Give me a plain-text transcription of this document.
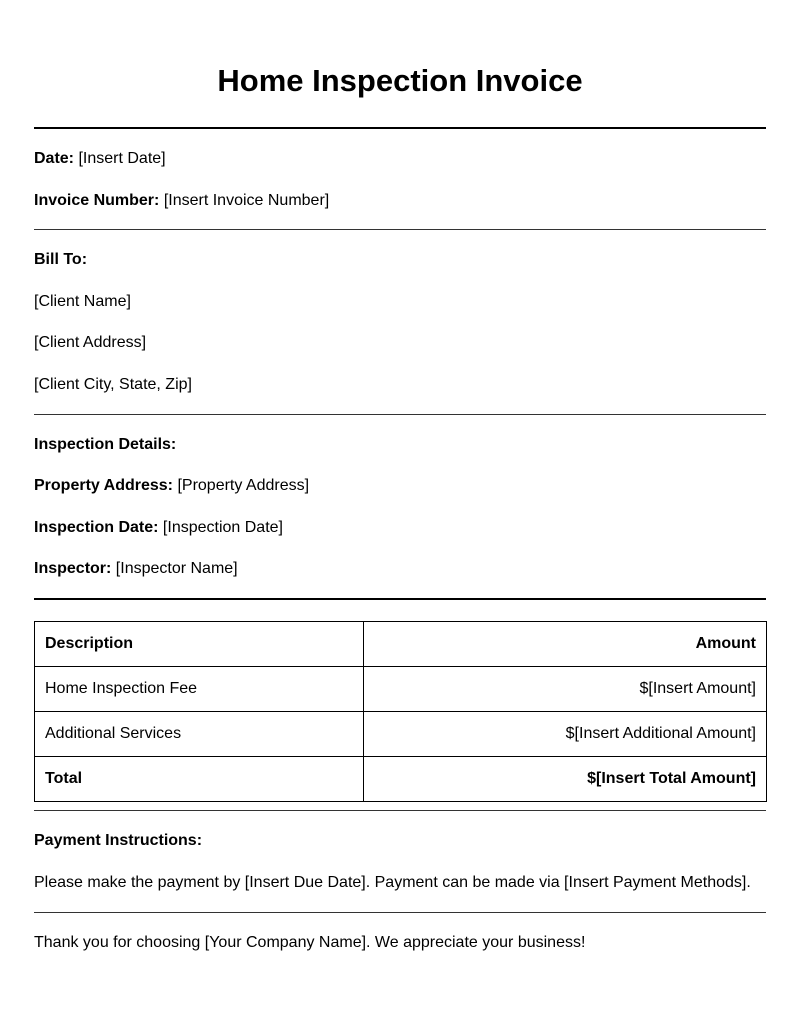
Home Inspection Invoice

Date: [Insert Date]

Invoice Number: [Insert Invoice Number]

Bill To:

[Client Name]

[Client Address]

[Client City, State, Zip]

Inspection Details:

Property Address: [Property Address]

Inspection Date: [Inspection Date]

Inspector: [Inspector Name]

Description	Amount
Home Inspection Fee	$[Insert Amount]
Additional Services	$[Insert Additional Amount]
Total	$[Insert Total Amount]

Payment Instructions:

Please make the payment by [Insert Due Date]. Payment can be made via [Insert Payment Methods].

Thank you for choosing [Your Company Name]. We appreciate your business!
